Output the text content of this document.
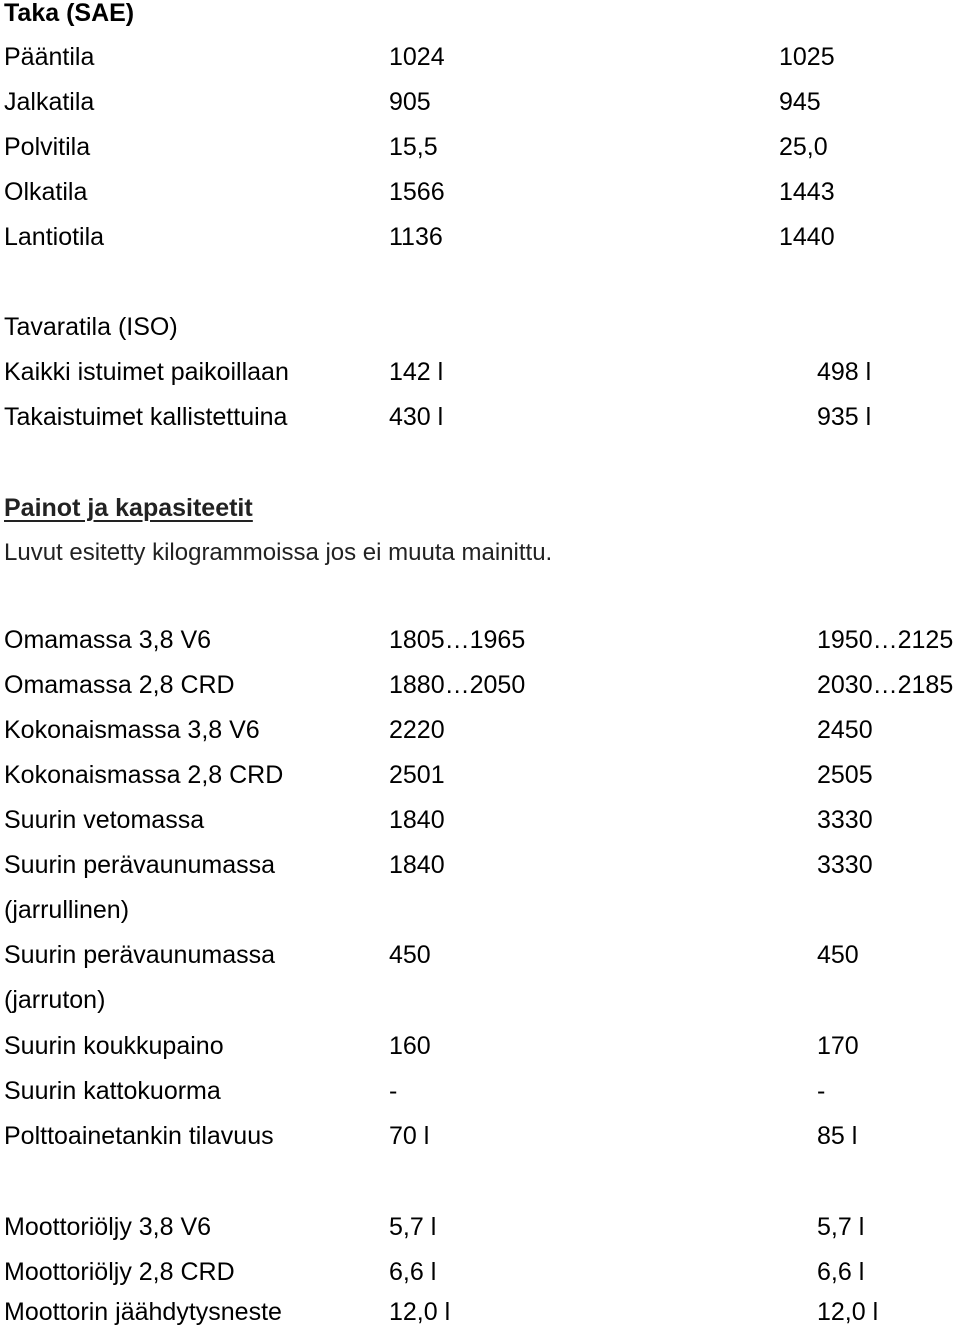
Taka (SAE)
Pääntila	1024	1025
Jalkatila	905	945
Polvitila	15,5	25,0
Olkatila	1566	1443
Lantiotila	1136	1440
Tavaratila (ISO)
Kaikki istuimet paikoillaan	142 l	498 l
Takaistuimet kallistettuina	430 l	935 l
Painot ja kapasiteetit
Luvut esitetty kilogrammoissa jos ei muuta mainittu.
Omamassa 3,8 V6	1805…1965	1950…2125
Omamassa 2,8 CRD	1880…2050	2030…2185
Kokonaismassa 3,8 V6	2220	2450
Kokonaismassa 2,8 CRD	2501	2505
Suurin vetomassa	1840	3330
Suurin perävaunumassa	1840	3330
(jarrullinen)
Suurin perävaunumassa	450	450
(jarruton)
Suurin koukkupaino	160	170
Suurin kattokuorma	-	-
Polttoainetankin tilavuus	70 l	85 l
Moottoriöljy 3,8 V6	5,7 l	5,7 l
Moottoriöljy 2,8 CRD	6,6 l	6,6 l
Moottorin jäähdytysneste	12,0 l	12,0 l
